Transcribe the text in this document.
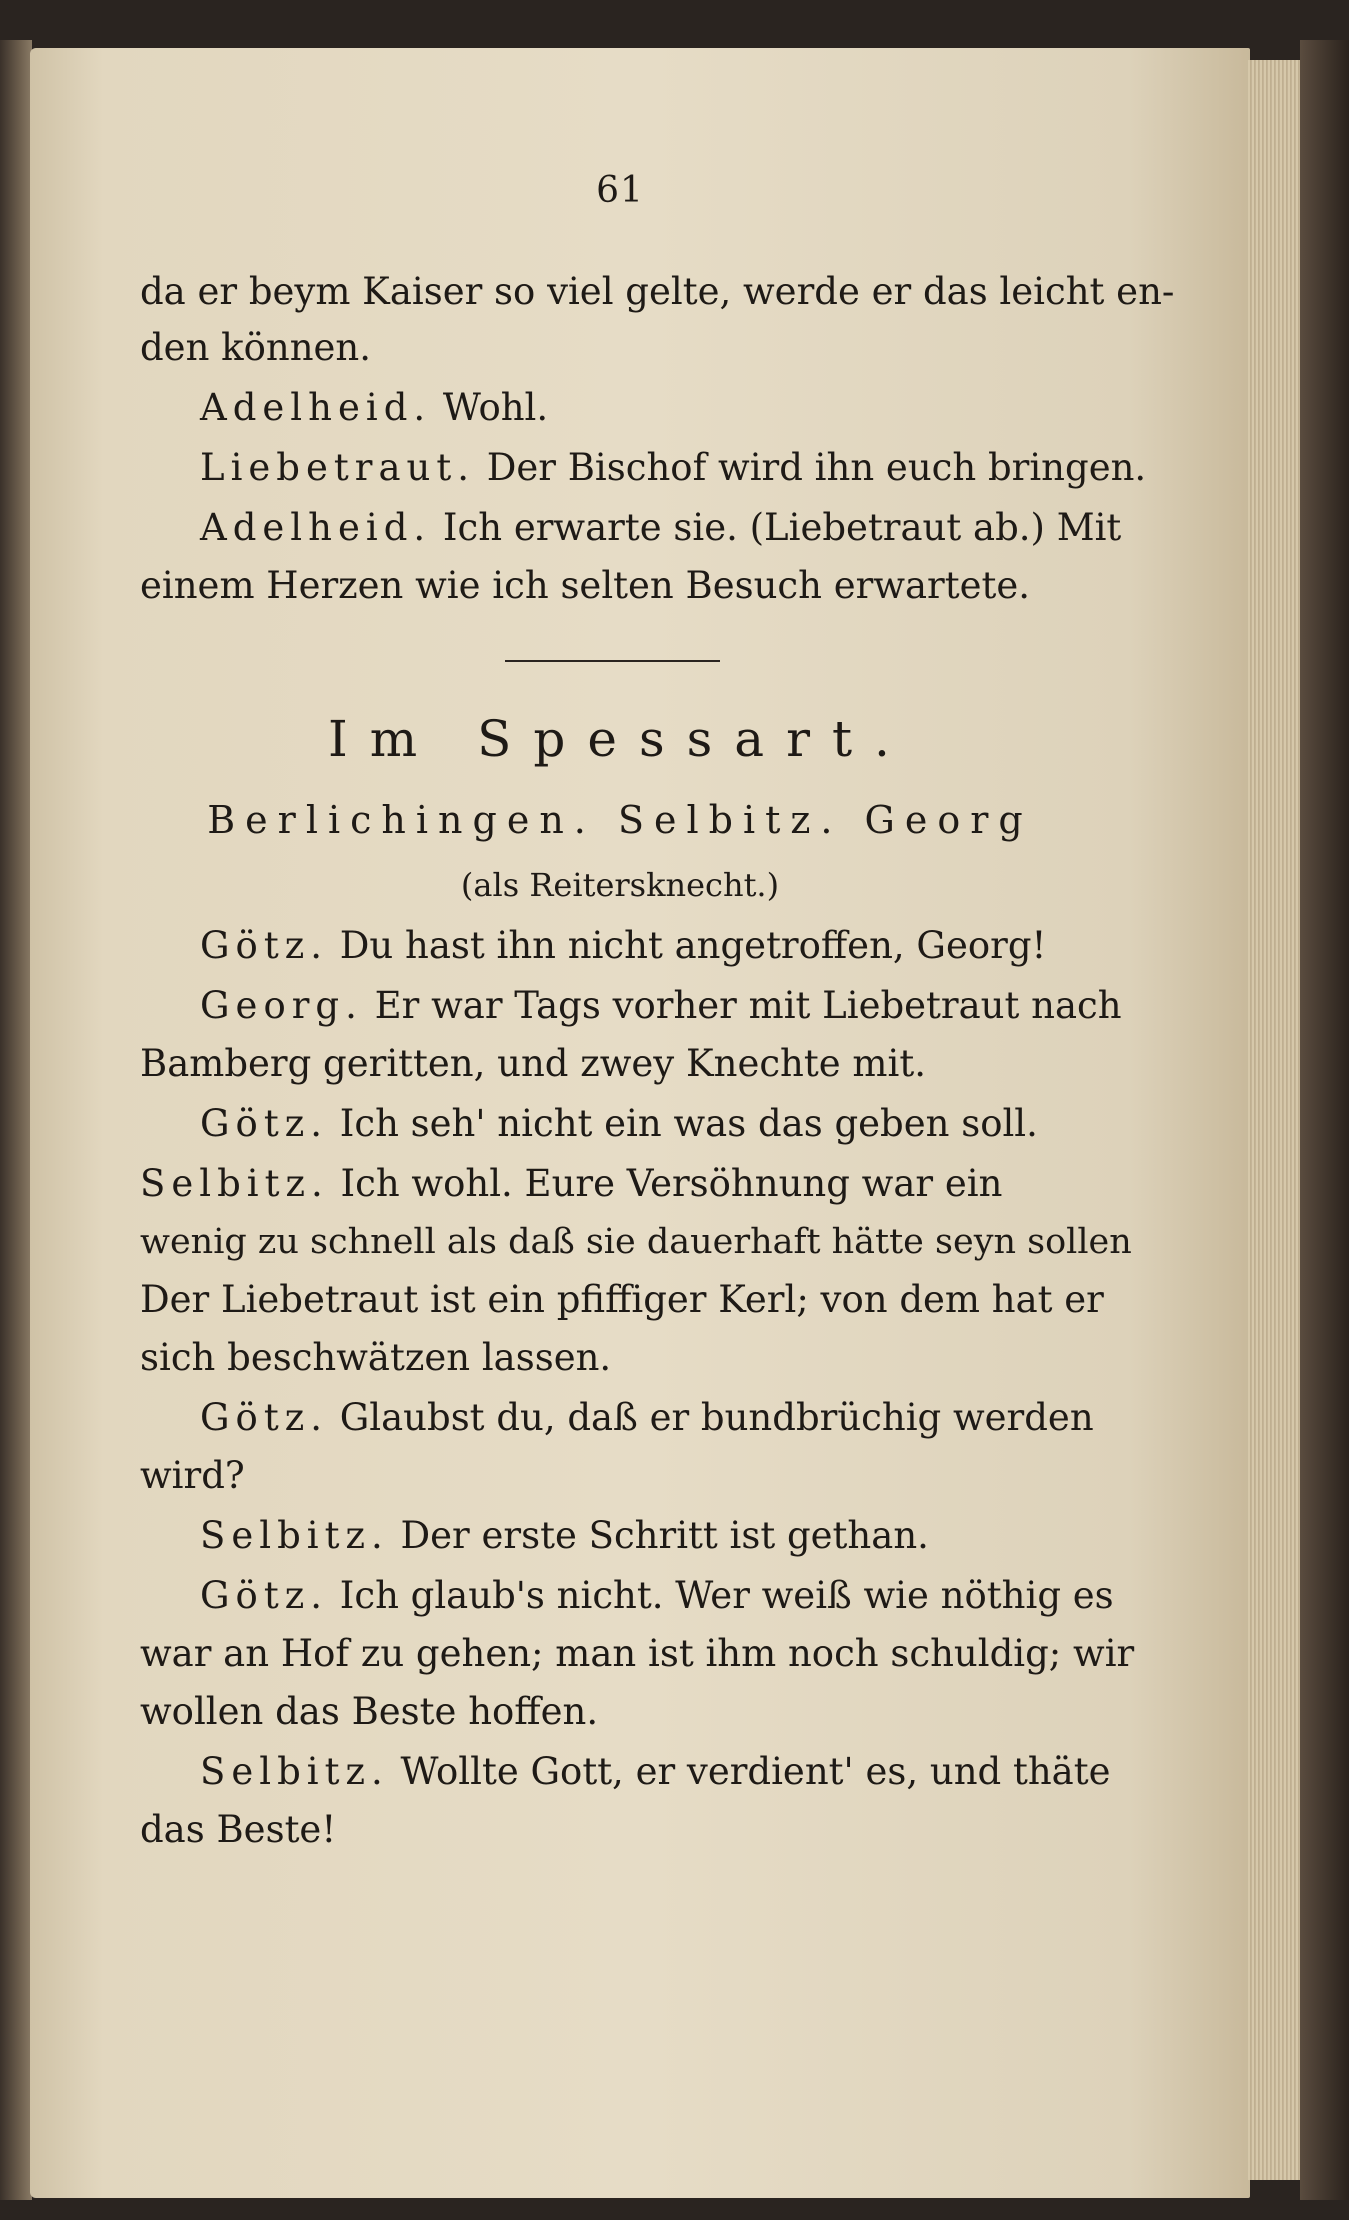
61
da er beym Kaiser so viel gelte, werde er das leicht en-
den können.
Adelheid. Wohl.
Liebetraut. Der Bischof wird ihn euch bringen.
Adelheid. Ich erwarte sie. (Liebetraut ab.) Mit
einem Herzen wie ich selten Besuch erwartete.
Im Spessart.
Berlichingen. Selbitz. Georg
(als Reitersknecht.)
Götz. Du hast ihn nicht angetroffen, Georg!
Georg. Er war Tags vorher mit Liebetraut nach
Bamberg geritten, und zwey Knechte mit.
Götz. Ich seh' nicht ein was das geben soll.
Selbitz. Ich wohl. Eure Versöhnung war ein
wenig zu schnell als daß sie dauerhaft hätte seyn sollen
Der Liebetraut ist ein pfiffiger Kerl; von dem hat er
sich beschwätzen lassen.
Götz. Glaubst du, daß er bundbrüchig werden
wird?
Selbitz. Der erste Schritt ist gethan.
Götz. Ich glaub's nicht. Wer weiß wie nöthig es
war an Hof zu gehen; man ist ihm noch schuldig; wir
wollen das Beste hoffen.
Selbitz. Wollte Gott, er verdient' es, und thäte
das Beste!
